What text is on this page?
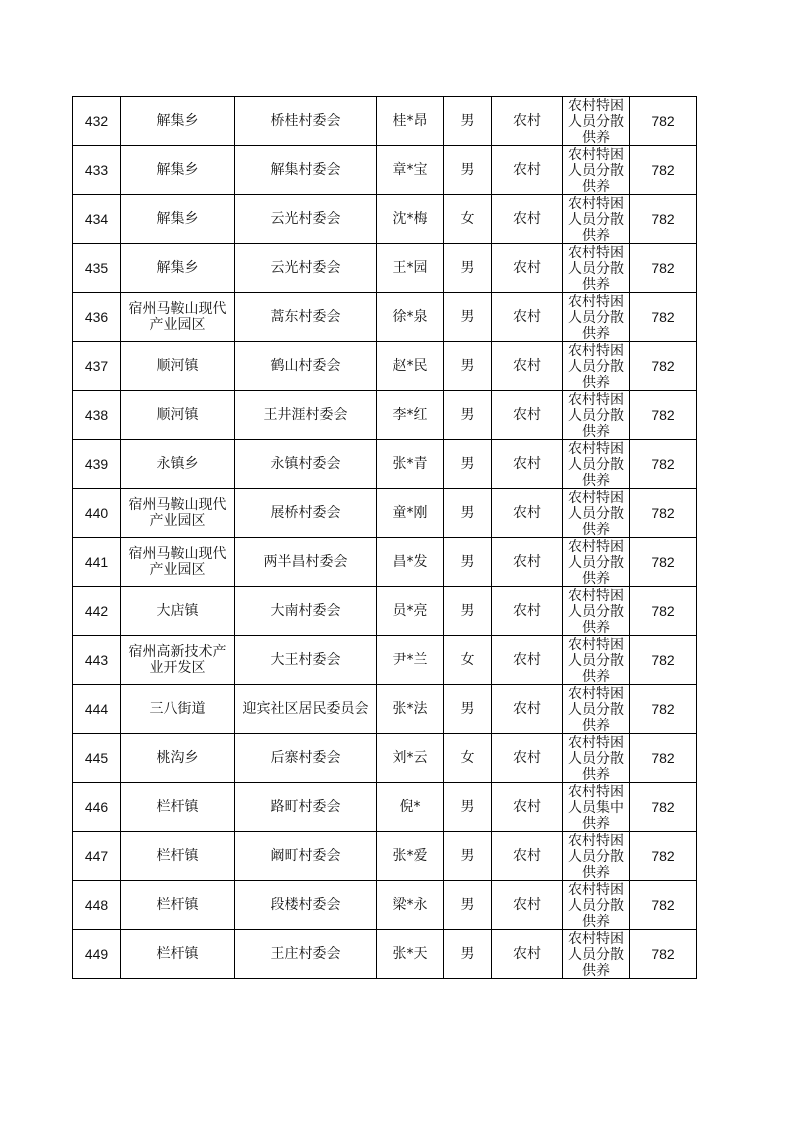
432	解集乡	桥桂村委会	桂*昂	男	农村	农村特困人员分散供养	782
433	解集乡	解集村委会	章*宝	男	农村	农村特困人员分散供养	782
434	解集乡	云光村委会	沈*梅	女	农村	农村特困人员分散供养	782
435	解集乡	云光村委会	王*园	男	农村	农村特困人员分散供养	782
436	宿州马鞍山现代产业园区	蒿东村委会	徐*泉	男	农村	农村特困人员分散供养	782
437	顺河镇	鹤山村委会	赵*民	男	农村	农村特困人员分散供养	782
438	顺河镇	王井涯村委会	李*红	男	农村	农村特困人员分散供养	782
439	永镇乡	永镇村委会	张*青	男	农村	农村特困人员分散供养	782
440	宿州马鞍山现代产业园区	展桥村委会	童*刚	男	农村	农村特困人员分散供养	782
441	宿州马鞍山现代产业园区	两半昌村委会	昌*发	男	农村	农村特困人员分散供养	782
442	大店镇	大南村委会	员*亮	男	农村	农村特困人员分散供养	782
443	宿州高新技术产业开发区	大王村委会	尹*兰	女	农村	农村特困人员分散供养	782
444	三八街道	迎宾社区居民委员会	张*法	男	农村	农村特困人员分散供养	782
445	桃沟乡	后寨村委会	刘*云	女	农村	农村特困人员分散供养	782
446	栏杆镇	路町村委会	倪*	男	农村	农村特困人员集中供养	782
447	栏杆镇	阚町村委会	张*爱	男	农村	农村特困人员分散供养	782
448	栏杆镇	段楼村委会	梁*永	男	农村	农村特困人员分散供养	782
449	栏杆镇	王庄村委会	张*天	男	农村	农村特困人员分散供养	782
